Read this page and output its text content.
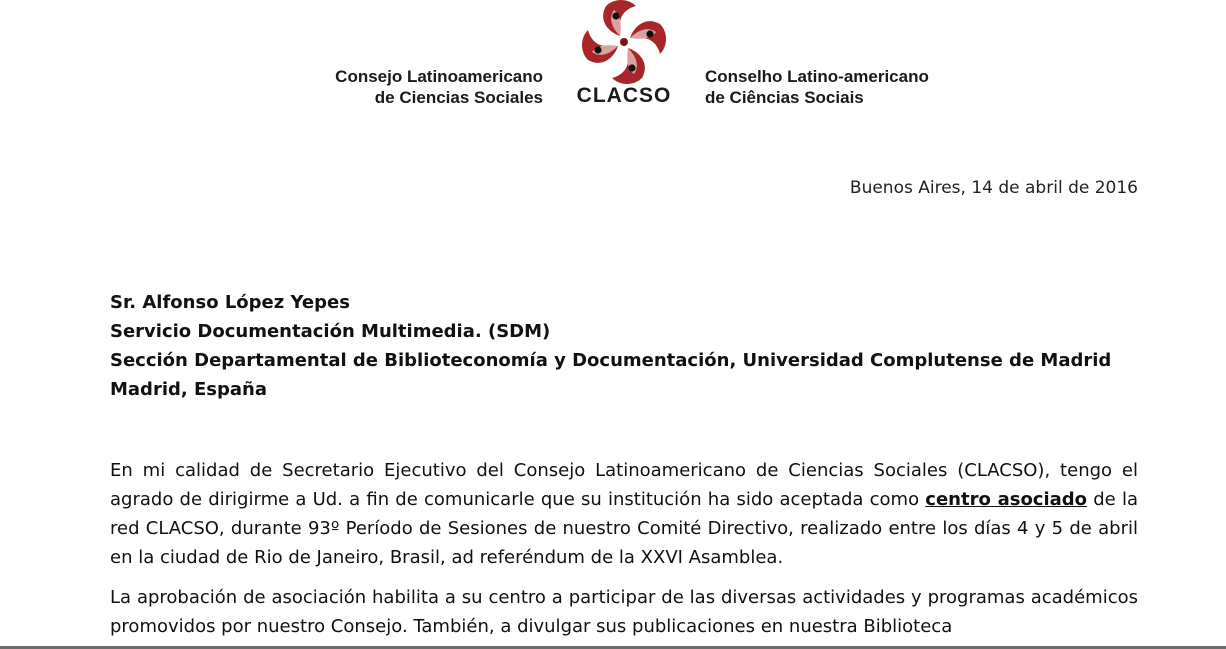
Consejo Latinoamericano
de Ciencias Sociales	CLACSO
Conselho Latino-americano
de Ciências Sociais
Buenos Aires, 14 de abril de 2016
Sr. Alfonso López Yepes
Servicio Documentación Multimedia. (SDM)
Sección Departamental de Biblioteconomía y Documentación, Universidad Complutense de Madrid
Madrid, España

En mi calidad de Secretario Ejecutivo del Consejo Latinoamericano de Ciencias Sociales (CLACSO), tengo el agrado de dirigirme a Ud. a fin de comunicarle que su institución ha sido aceptada como centro asociado de la red CLACSO, durante 93º Período de Sesiones de nuestro Comité Directivo, realizado entre los días 4 y 5 de abril en la ciudad de Rio de Janeiro, Brasil, ad referéndum de la XXVI Asamblea.

La aprobación de asociación habilita a su centro a participar de las diversas actividades y programas académicos promovidos por nuestro Consejo. También, a divulgar sus publicaciones en nuestra Biblioteca
